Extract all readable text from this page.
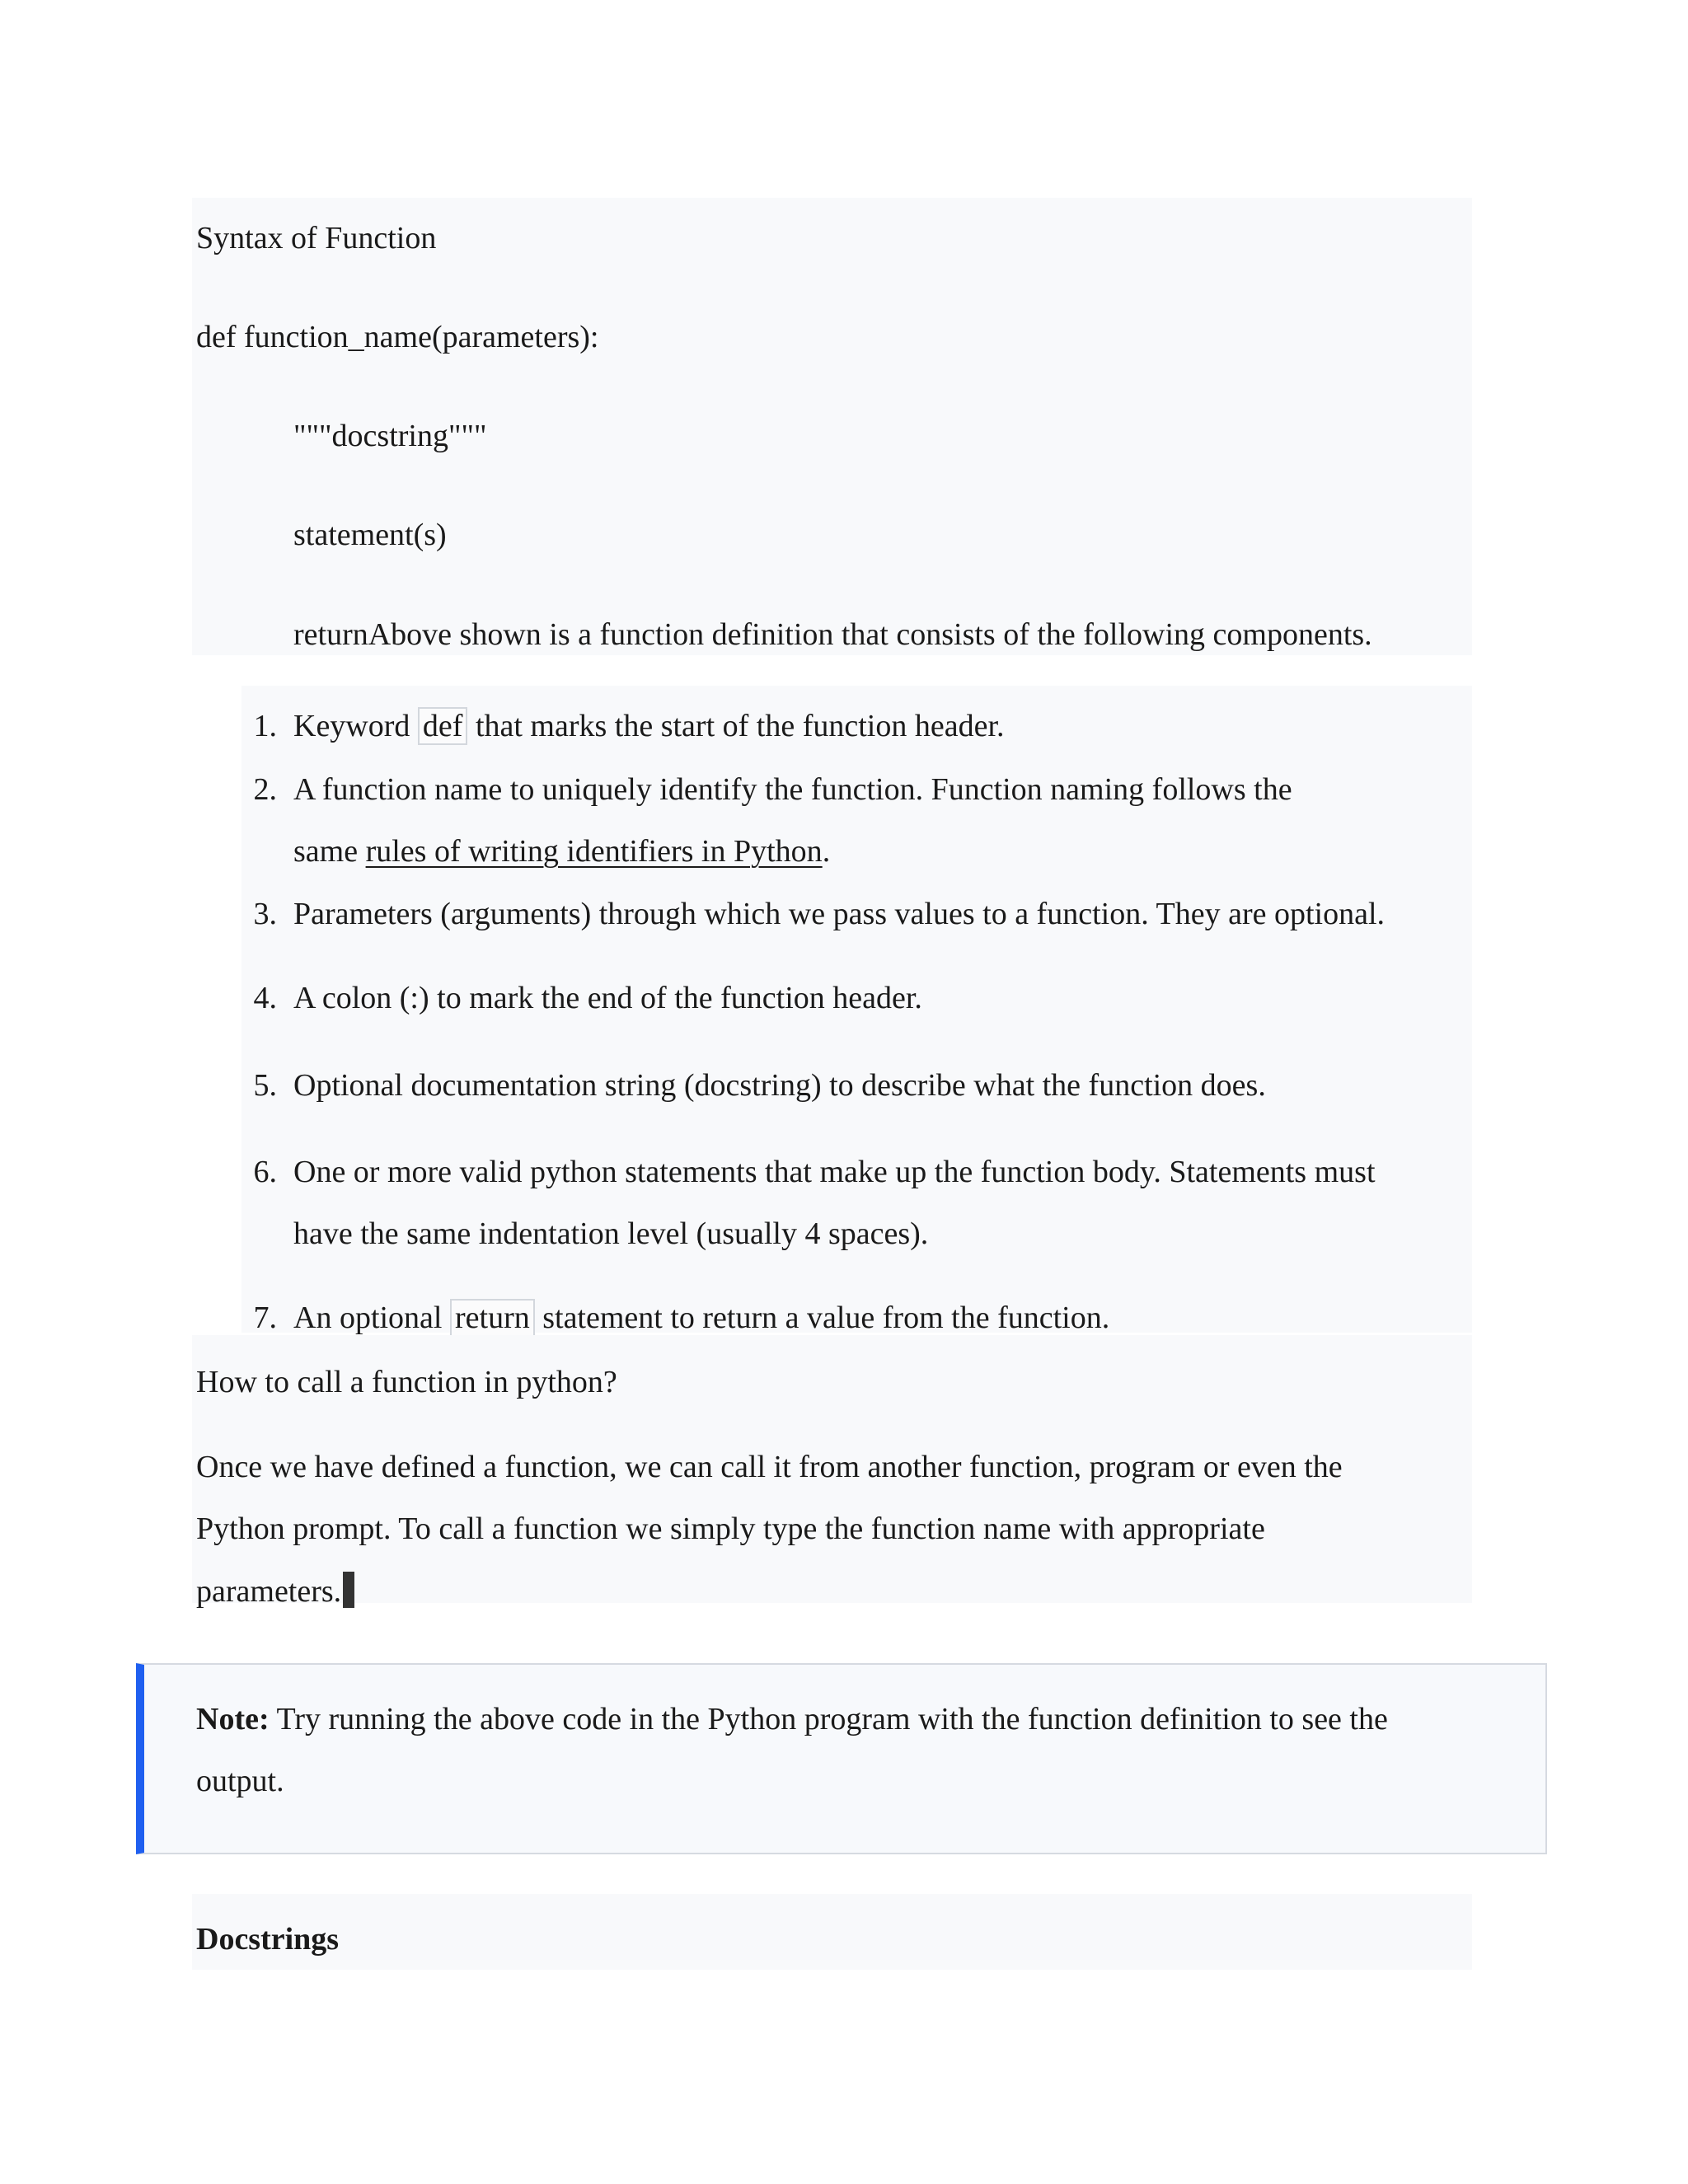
Syntax of Function
def function_name(parameters):
"""docstring"""
statement(s)
returnAbove shown is a function definition that consists of the following components.
1. Keyword def that marks the start of the function header.
2. A function name to uniquely identify the function. Function naming follows the
same rules of writing identifiers in Python.
3. Parameters (arguments) through which we pass values to a function. They are optional.
4. A colon (:) to mark the end of the function header.
5. Optional documentation string (docstring) to describe what the function does.
6. One or more valid python statements that make up the function body. Statements must
have the same indentation level (usually 4 spaces).
7. An optional return statement to return a value from the function.
How to call a function in python?
Once we have defined a function, we can call it from another function, program or even the
Python prompt. To call a function we simply type the function name with appropriate
parameters.
Note: Try running the above code in the Python program with the function definition to see the
output.
Docstrings
